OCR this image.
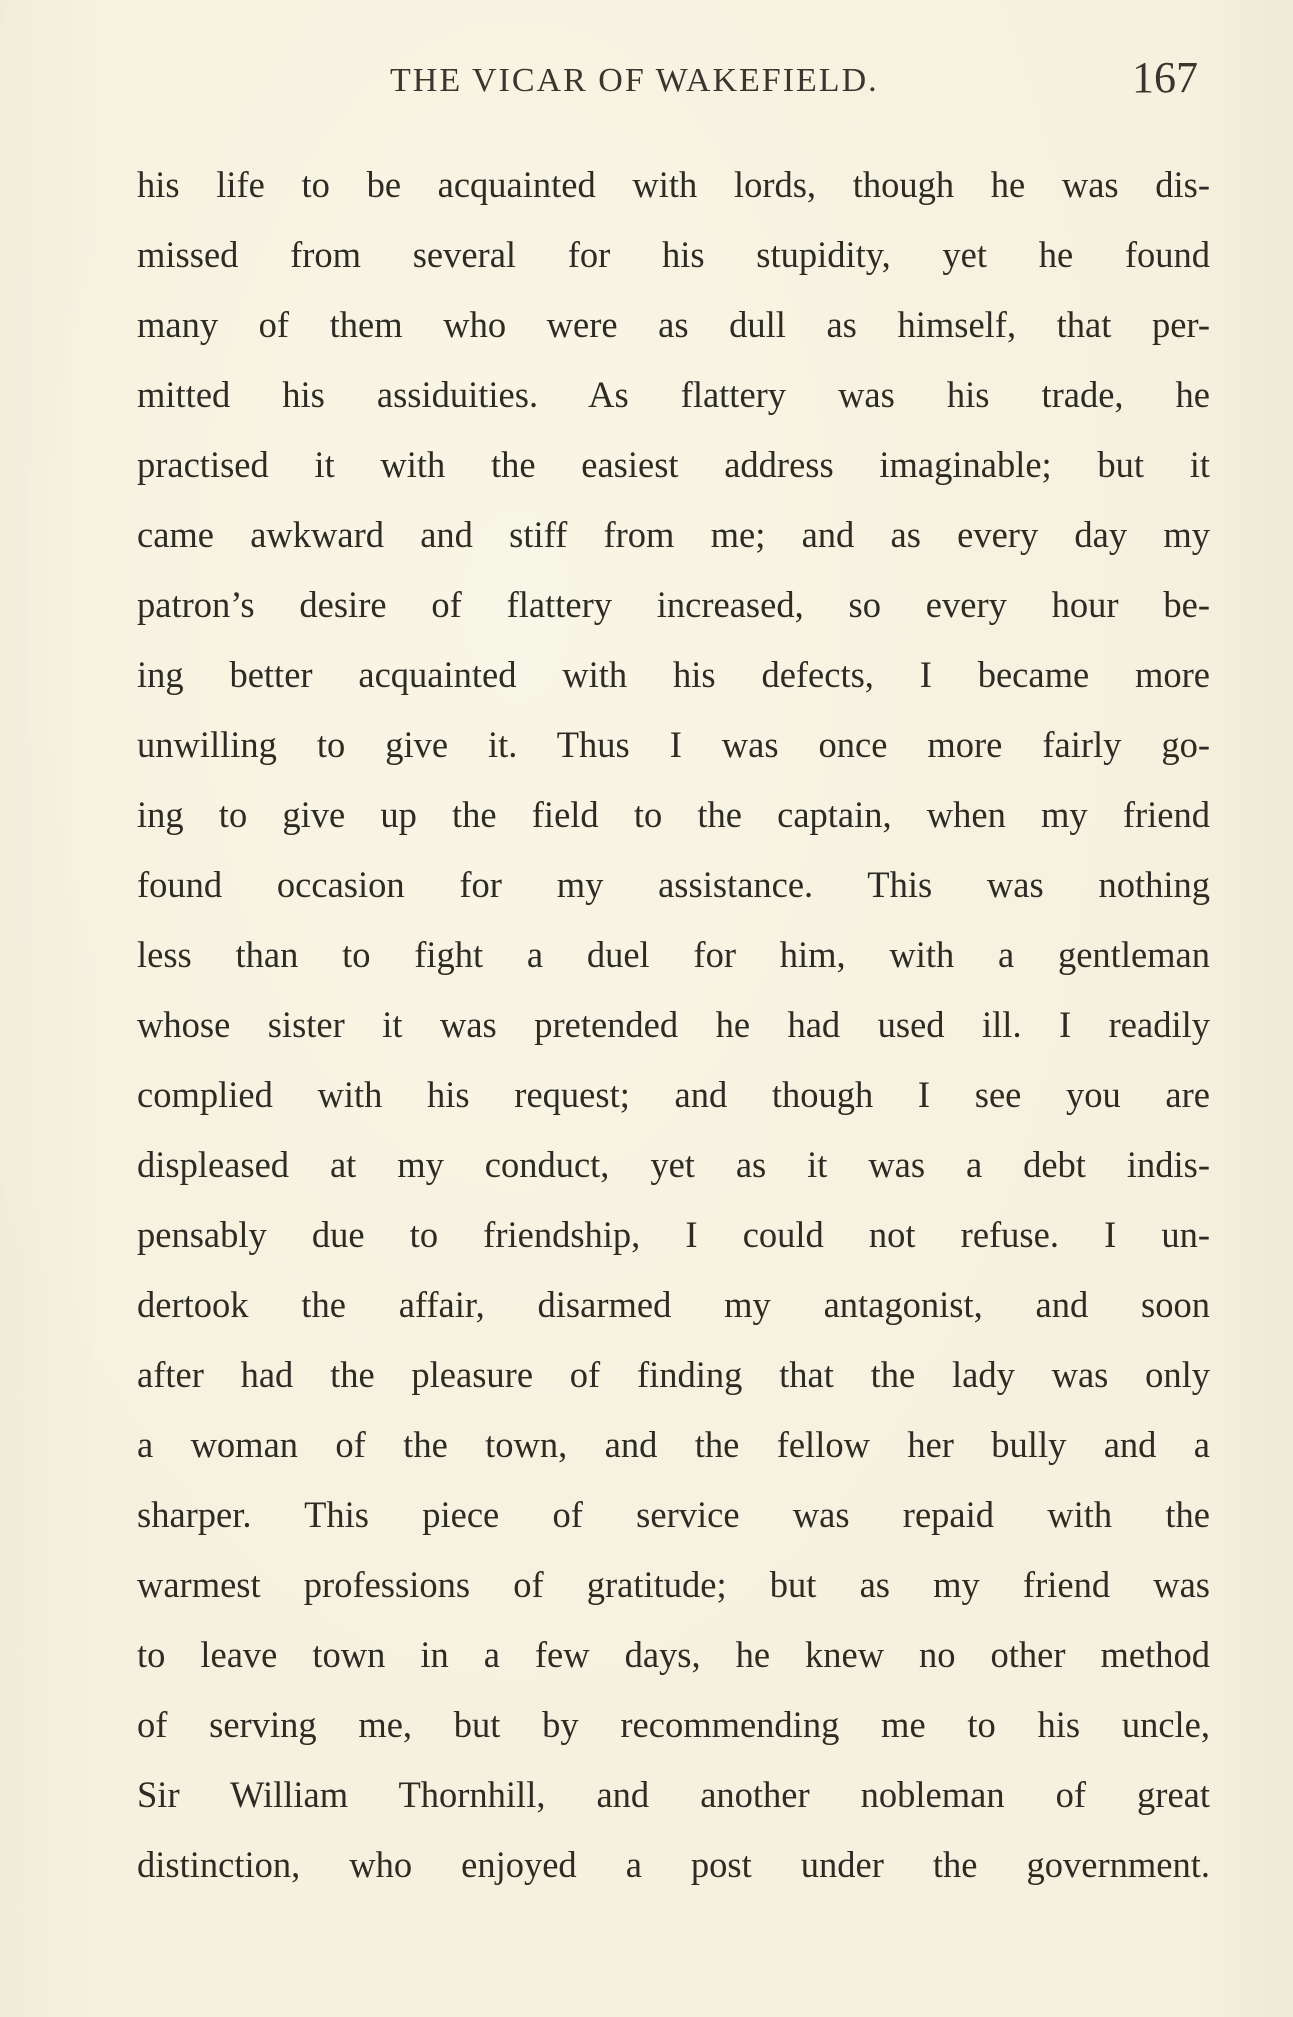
THE VICAR OF WAKEFIELD.	167
his life to be acquainted with lords, though he was dis-
missed from several for his stupidity, yet he found
many of them who were as dull as himself, that per-
mitted his assiduities. As flattery was his trade, he
practised it with the easiest address imaginable; but it
came awkward and stiff from me; and as every day my
patron’s desire of flattery increased, so every hour be-
ing better acquainted with his defects, I became more
unwilling to give it. Thus I was once more fairly go-
ing to give up the field to the captain, when my friend
found occasion for my assistance. This was nothing
less than to fight a duel for him, with a gentleman
whose sister it was pretended he had used ill. I readily
complied with his request; and though I see you are
displeased at my conduct, yet as it was a debt indis-
pensably due to friendship, I could not refuse. I un-
dertook the affair, disarmed my antagonist, and soon
after had the pleasure of finding that the lady was only
a woman of the town, and the fellow her bully and a
sharper. This piece of service was repaid with the
warmest professions of gratitude; but as my friend was
to leave town in a few days, he knew no other method
of serving me, but by recommending me to his uncle,
Sir William Thornhill, and another nobleman of great
distinction, who enjoyed a post under the government.
